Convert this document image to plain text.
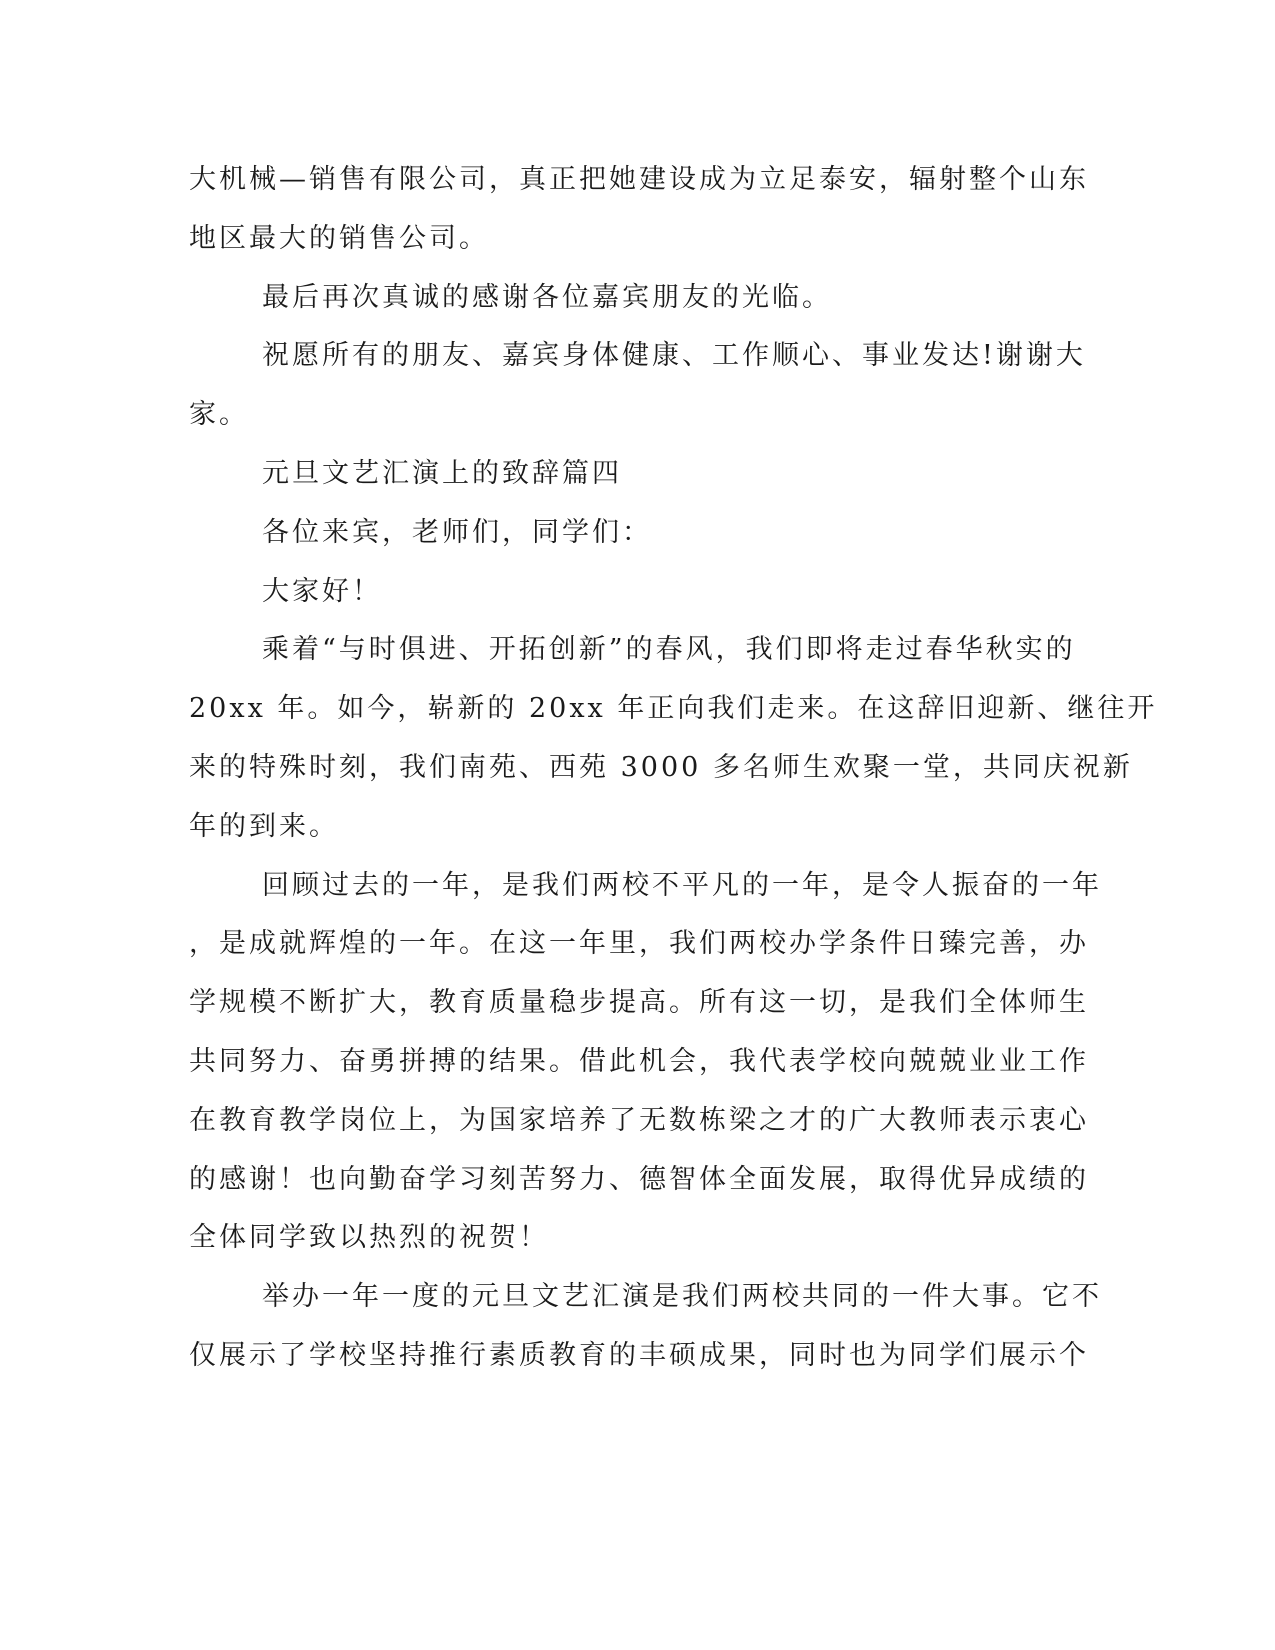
大机械—销售有限公司，真正把她建设成为立足泰安，辐射整个山东

地区最大的销售公司。

最后再次真诚的感谢各位嘉宾朋友的光临。

祝愿所有的朋友、嘉宾身体健康、工作顺心、事业发达!谢谢大

家。

元旦文艺汇演上的致辞篇四

各位来宾，老师们，同学们：

大家好！

乘着“与时俱进、开拓创新”的春风，我们即将走过春华秋实的

20xx 年。如今，崭新的 20xx 年正向我们走来。在这辞旧迎新、继往开

来的特殊时刻，我们南苑、西苑 3000 多名师生欢聚一堂，共同庆祝新

年的到来。

回顾过去的一年，是我们两校不平凡的一年，是令人振奋的一年

，是成就辉煌的一年。在这一年里，我们两校办学条件日臻完善，办

学规模不断扩大，教育质量稳步提高。所有这一切，是我们全体师生

共同努力、奋勇拼搏的结果。借此机会，我代表学校向兢兢业业工作

在教育教学岗位上，为国家培养了无数栋梁之才的广大教师表示衷心

的感谢！也向勤奋学习刻苦努力、德智体全面发展，取得优异成绩的

全体同学致以热烈的祝贺！

举办一年一度的元旦文艺汇演是我们两校共同的一件大事。它不

仅展示了学校坚持推行素质教育的丰硕成果，同时也为同学们展示个
